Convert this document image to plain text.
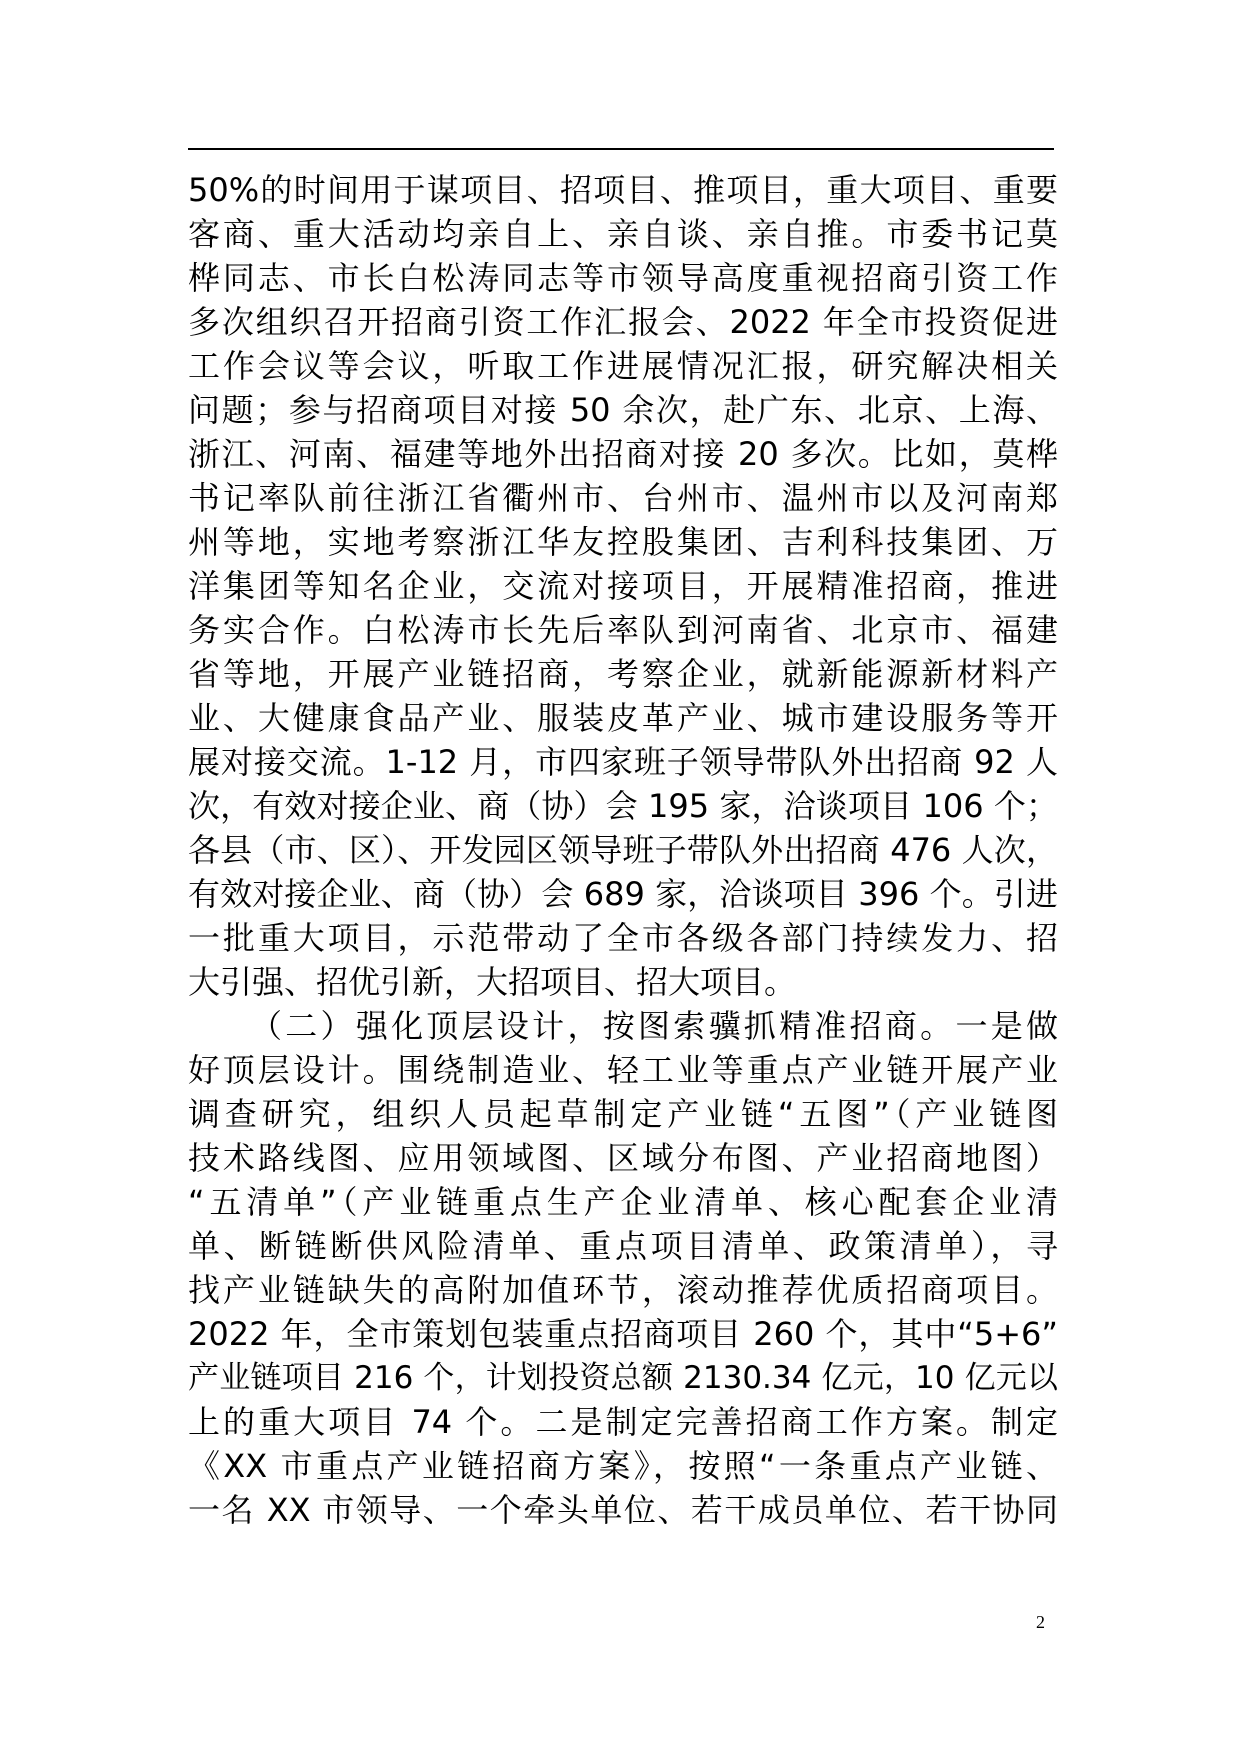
50%的时间用于谋项目、招项目、推项目，重大项目、重要
客商、重大活动均亲自上、亲自谈、亲自推。市委书记莫
桦同志、市长白松涛同志等市领导高度重视招商引资工作
多次组织召开招商引资工作汇报会、2022 年全市投资促进
工作会议等会议，听取工作进展情况汇报，研究解决相关
问题；参与招商项目对接 50 余次，赴广东、北京、上海、
浙江、河南、福建等地外出招商对接 20 多次。比如，莫桦
书记率队前往浙江省衢州市、台州市、温州市以及河南郑
州等地，实地考察浙江华友控股集团、吉利科技集团、万
洋集团等知名企业，交流对接项目，开展精准招商，推进
务实合作。白松涛市长先后率队到河南省、北京市、福建
省等地，开展产业链招商，考察企业，就新能源新材料产
业、大健康食品产业、服装皮革产业、城市建设服务等开
展对接交流。1-12 月，市四家班子领导带队外出招商 92 人
次，有效对接企业、商（协）会 195 家，洽谈项目 106 个；
各县（市、区）、开发园区领导班子带队外出招商 476 人次，
有效对接企业、商（协）会 689 家，洽谈项目 396 个。引进
一批重大项目，示范带动了全市各级各部门持续发力、招
大引强、招优引新，大招项目、招大项目。
（二）强化顶层设计，按图索骥抓精准招商。一是做
好顶层设计。围绕制造业、轻工业等重点产业链开展产业
调查研究，组织人员起草制定产业链“五图”（产业链图
技术路线图、应用领域图、区域分布图、产业招商地图）
“五清单”（产业链重点生产企业清单、核心配套企业清
单、断链断供风险清单、重点项目清单、政策清单），寻
找产业链缺失的高附加值环节，滚动推荐优质招商项目。
2022 年，全市策划包装重点招商项目 260 个，其中“5+6”
产业链项目 216 个，计划投资总额 2130.34 亿元，10 亿元以
上的重大项目 74 个。二是制定完善招商工作方案。制定
《XX 市重点产业链招商方案》，按照“一条重点产业链、
一名 XX 市领导、一个牵头单位、若干成员单位、若干协同
2
